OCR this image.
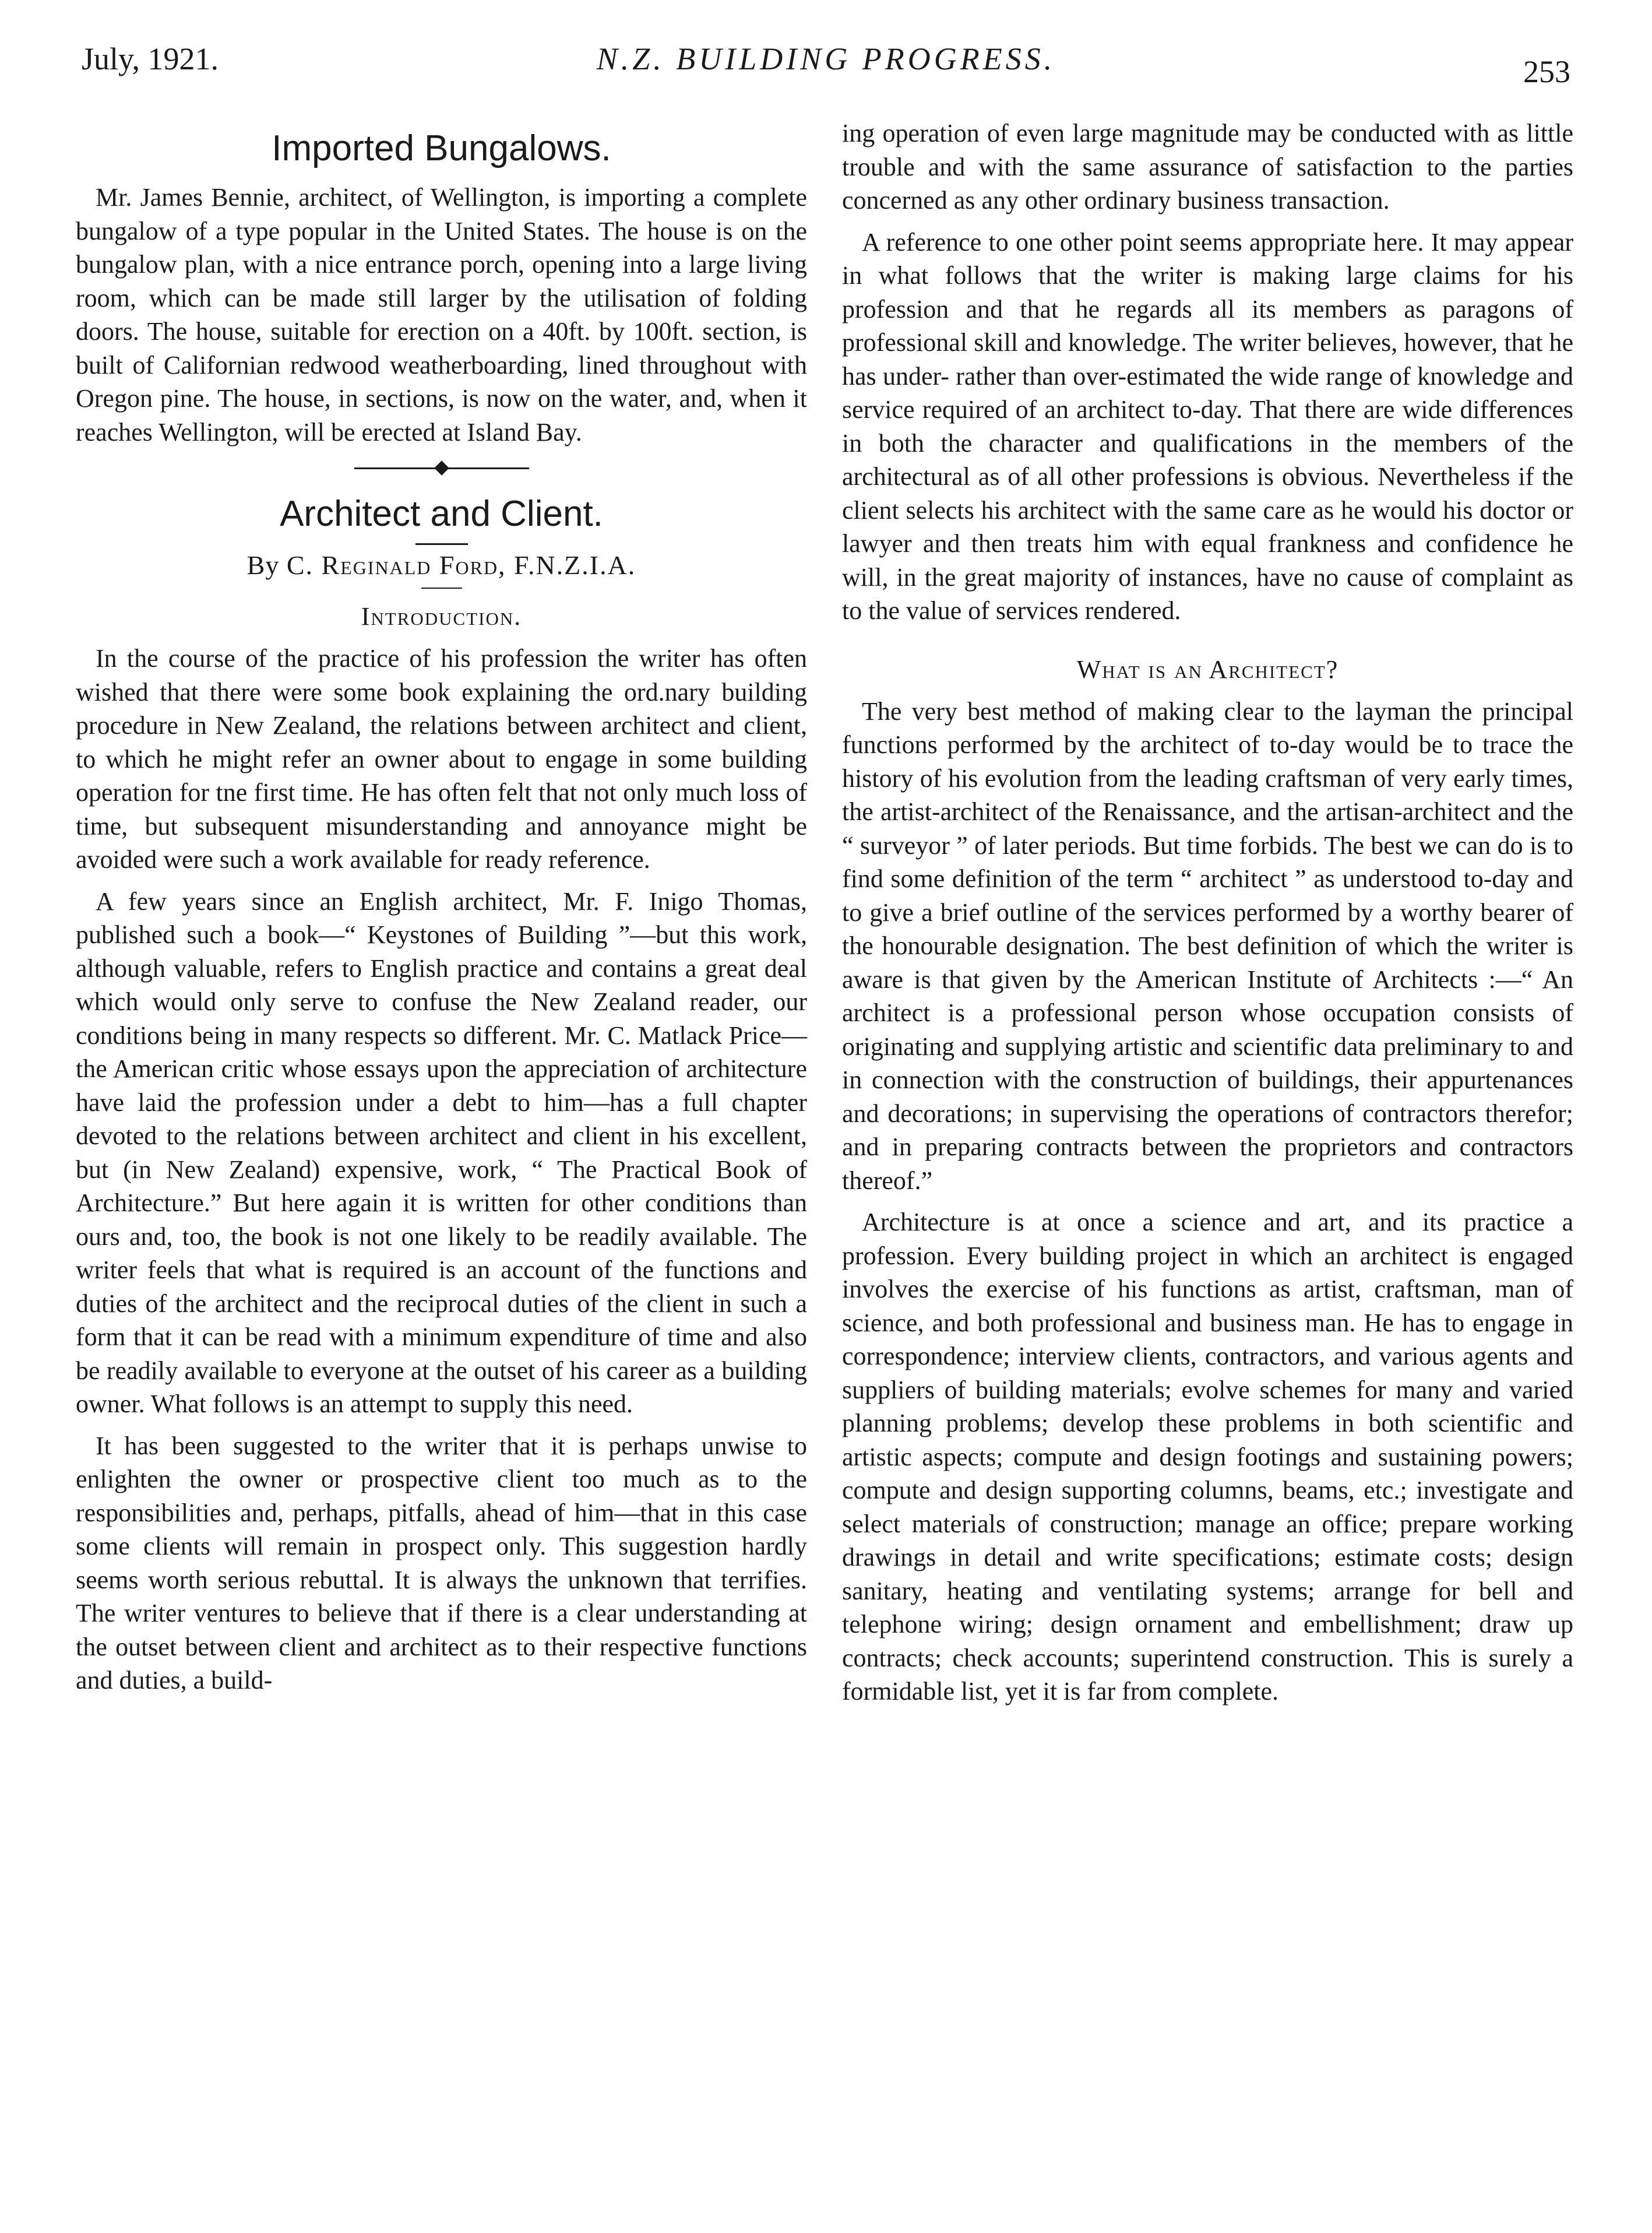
July, 1921.	N.Z. BUILDING PROGRESS.	253
Imported Bungalows.

Mr. James Bennie, architect, of Wellington, is importing a complete bungalow of a type popular in the United States. The house is on the bungalow plan, with a nice entrance porch, opening into a large living room, which can be made still larger by the utilisation of folding doors. The house, suitable for erection on a 40ft. by 100ft. section, is built of Californian redwood weatherboarding, lined throughout with Oregon pine. The house, in sections, is now on the water, and, when it reaches Wellington, will be erected at Island Bay.

Architect and Client.
By C. Reginald Ford, F.N.Z.I.A.
Introduction.

In the course of the practice of his profession the writer has often wished that there were some book explaining the ord.nary building procedure in New Zealand, the relations between architect and client, to which he might refer an owner about to engage in some building operation for tne first time. He has often felt that not only much loss of time, but subsequent misunderstanding and annoyance might be avoided were such a work available for ready reference.

A few years since an English architect, Mr. F. Inigo Thomas, published such a book—“ Keystones of Building ”—but this work, although valuable, refers to English practice and contains a great deal which would only serve to confuse the New Zealand reader, our conditions being in many respects so different. Mr. C. Matlack Price—the American critic whose essays upon the appreciation of architecture have laid the profession under a debt to him—has a full chapter devoted to the relations between architect and client in his excellent, but (in New Zealand) expensive, work, “ The Practical Book of Architecture.” But here again it is written for other conditions than ours and, too, the book is not one likely to be readily available. The writer feels that what is required is an account of the functions and duties of the architect and the reciprocal duties of the client in such a form that it can be read with a minimum expenditure of time and also be readily available to everyone at the outset of his career as a building owner. What follows is an attempt to supply this need.

It has been suggested to the writer that it is perhaps unwise to enlighten the owner or prospective client too much as to the responsibilities and, perhaps, pitfalls, ahead of him—that in this case some clients will remain in prospect only. This suggestion hardly seems worth serious rebuttal. It is always the unknown that terrifies. The writer ventures to believe that if there is a clear understanding at the outset between client and architect as to their respective functions and duties, a build-

ing operation of even large magnitude may be conducted with as little trouble and with the same assurance of satisfaction to the parties concerned as any other ordinary business transaction.

A reference to one other point seems appropriate here. It may appear in what follows that the writer is making large claims for his profession and that he regards all its members as paragons of professional skill and knowledge. The writer believes, however, that he has under- rather than over-estimated the wide range of knowledge and service required of an architect to-day. That there are wide differences in both the character and qualifications in the members of the architectural as of all other professions is obvious. Nevertheless if the client selects his architect with the same care as he would his doctor or lawyer and then treats him with equal frankness and confidence he will, in the great majority of instances, have no cause of complaint as to the value of services rendered.

What is an Architect?

The very best method of making clear to the layman the principal functions performed by the architect of to-day would be to trace the history of his evolution from the leading craftsman of very early times, the artist-architect of the Renaissance, and the artisan-architect and the “ surveyor ” of later periods. But time forbids. The best we can do is to find some definition of the term “ architect ” as understood to-day and to give a brief outline of the services performed by a worthy bearer of the honourable designation. The best definition of which the writer is aware is that given by the American Institute of Architects :—“ An architect is a professional person whose occupation consists of originating and supplying artistic and scientific data preliminary to and in connection with the construction of buildings, their appurtenances and decorations; in supervising the operations of contractors therefor; and in preparing contracts between the proprietors and contractors thereof.”

Architecture is at once a science and art, and its practice a profession. Every building project in which an architect is engaged involves the exercise of his functions as artist, craftsman, man of science, and both professional and business man. He has to engage in correspondence; interview clients, contractors, and various agents and suppliers of building materials; evolve schemes for many and varied planning problems; develop these problems in both scientific and artistic aspects; compute and design footings and sustaining powers; compute and design supporting columns, beams, etc.; investigate and select materials of construction; manage an office; prepare working drawings in detail and write specifications; estimate costs; design sanitary, heating and ventilating systems; arrange for bell and telephone wiring; design ornament and embellishment; draw up contracts; check accounts; superintend construction. This is surely a formidable list, yet it is far from complete.
